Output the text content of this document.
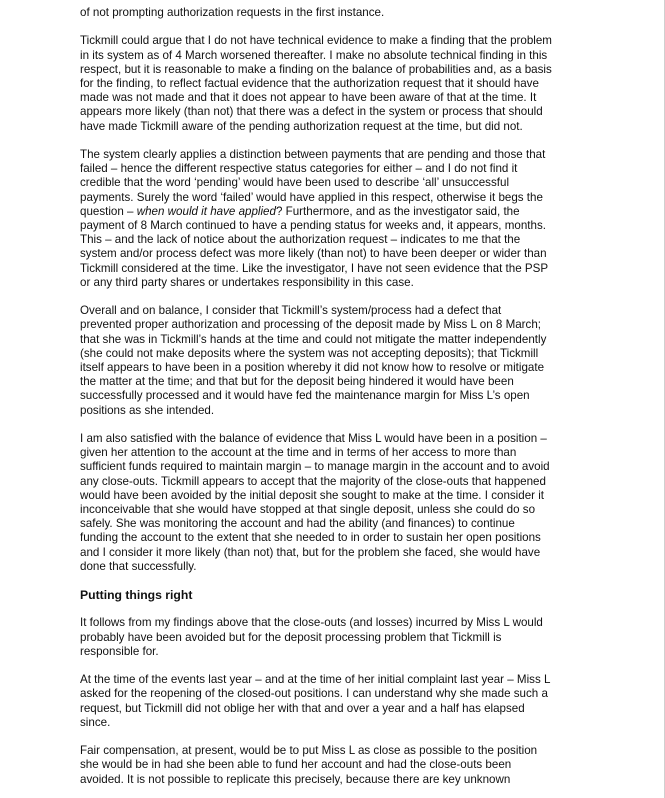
of not prompting authorization requests in the first instance.

Tickmill could argue that I do not have technical evidence to make a finding that the problem
in its system as of 4 March worsened thereafter. I make no absolute technical finding in this
respect, but it is reasonable to make a finding on the balance of probabilities and, as a basis
for the finding, to reflect factual evidence that the authorization request that it should have
made was not made and that it does not appear to have been aware of that at the time. It
appears more likely (than not) that there was a defect in the system or process that should
have made Tickmill aware of the pending authorization request at the time, but did not.

The system clearly applies a distinction between payments that are pending and those that
failed – hence the different respective status categories for either – and I do not find it
credible that the word ‘pending’ would have been used to describe ‘all’ unsuccessful
payments. Surely the word ‘failed’ would have applied in this respect, otherwise it begs the
question – when would it have applied? Furthermore, and as the investigator said, the
payment of 8 March continued to have a pending status for weeks and, it appears, months.
This – and the lack of notice about the authorization request – indicates to me that the
system and/or process defect was more likely (than not) to have been deeper or wider than
Tickmill considered at the time. Like the investigator, I have not seen evidence that the PSP
or any third party shares or undertakes responsibility in this case.

Overall and on balance, I consider that Tickmill’s system/process had a defect that
prevented proper authorization and processing of the deposit made by Miss L on 8 March;
that she was in Tickmill’s hands at the time and could not mitigate the matter independently
(she could not make deposits where the system was not accepting deposits); that Tickmill
itself appears to have been in a position whereby it did not know how to resolve or mitigate
the matter at the time; and that but for the deposit being hindered it would have been
successfully processed and it would have fed the maintenance margin for Miss L’s open
positions as she intended.

I am also satisfied with the balance of evidence that Miss L would have been in a position –
given her attention to the account at the time and in terms of her access to more than
sufficient funds required to maintain margin – to manage margin in the account and to avoid
any close-outs. Tickmill appears to accept that the majority of the close-outs that happened
would have been avoided by the initial deposit she sought to make at the time. I consider it
inconceivable that she would have stopped at that single deposit, unless she could do so
safely. She was monitoring the account and had the ability (and finances) to continue
funding the account to the extent that she needed to in order to sustain her open positions
and I consider it more likely (than not) that, but for the problem she faced, she would have
done that successfully.

Putting things right

It follows from my findings above that the close-outs (and losses) incurred by Miss L would
probably have been avoided but for the deposit processing problem that Tickmill is
responsible for.

At the time of the events last year – and at the time of her initial complaint last year – Miss L
asked for the reopening of the closed-out positions. I can understand why she made such a
request, but Tickmill did not oblige her with that and over a year and a half has elapsed
since.

Fair compensation, at present, would be to put Miss L as close as possible to the position
she would be in had she been able to fund her account and had the close-outs been
avoided. It is not possible to replicate this precisely, because there are key unknown
